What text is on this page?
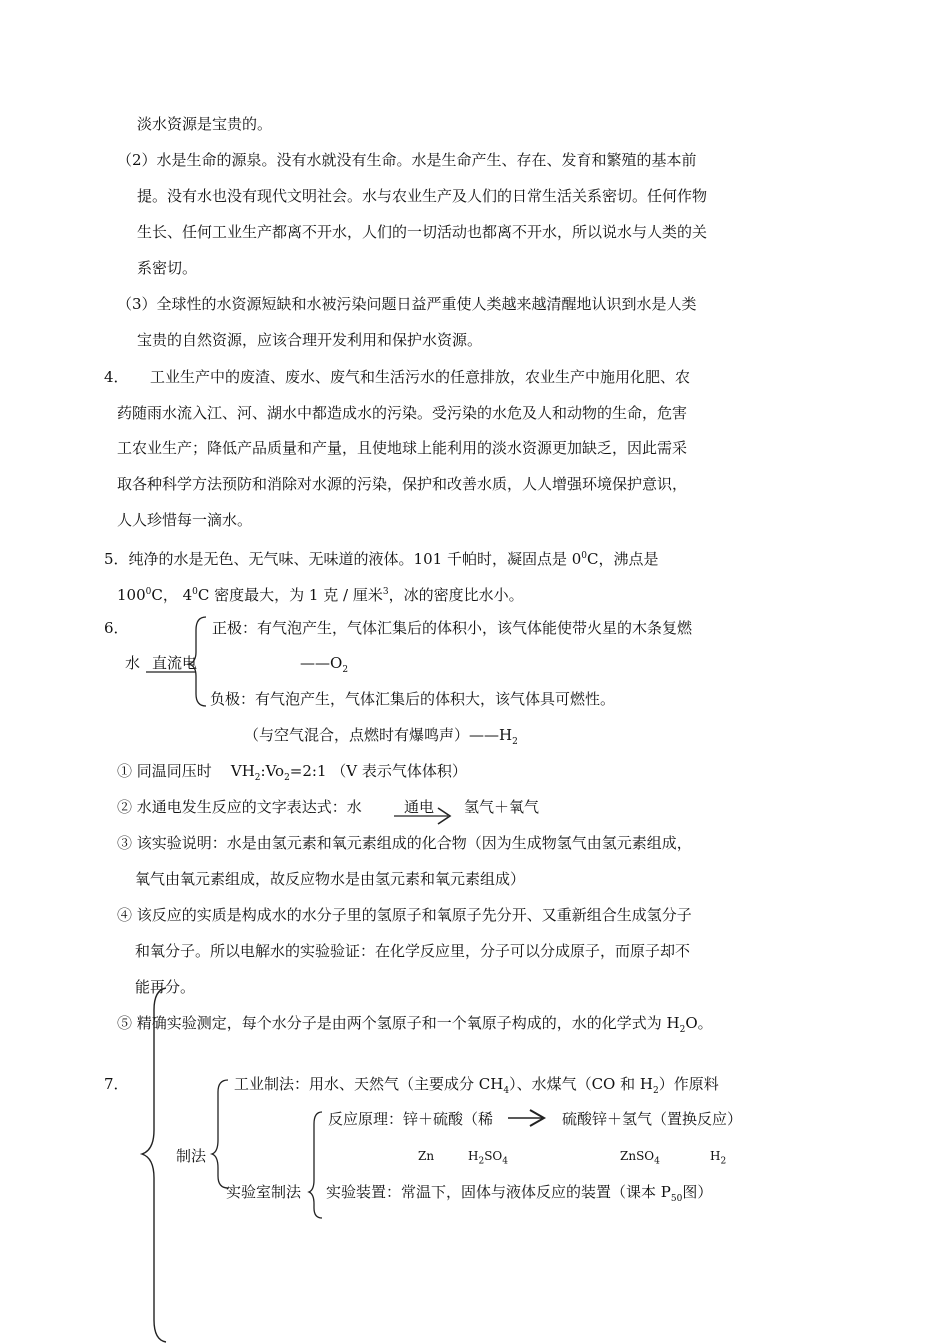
淡水资源是宝贵的。
（2）水是生命的源泉。没有水就没有生命。水是生命产生、存在、发育和繁殖的基本前
提。没有水也没有现代文明社会。水与农业生产及人们的日常生活关系密切。任何作物
生长、任何工业生产都离不开水，人们的一切活动也都离不开水，所以说水与人类的关
系密切。
（3）全球性的水资源短缺和水被污染问题日益严重使人类越来越清醒地认识到水是人类
宝贵的自然资源，应该合理开发利用和保护水资源。
4． 工业生产中的废渣、废水、废气和生活污水的任意排放，农业生产中施用化肥、农
药随雨水流入江、河、湖水中都造成水的污染。受污染的水危及人和动物的生命，危害
工农业生产；降低产品质量和产量，且使地球上能利用的淡水资源更加缺乏，因此需采
取各种科学方法预防和消除对水源的污染，保护和改善水质，人人增强环境保护意识，
人人珍惜每一滴水。
5．纯净的水是无色、无气味、无味道的液体。101 千帕时，凝固点是 $0^0C$，沸点是
$100^0C$， $4^0C$ 密度最大，为 1 克 / 厘米$^3$，冰的密度比水小。
6．
水 直流电
正极：有气泡产生，气体汇集后的体积小，该气体能使带火星的木条复燃
$——O_2$
负极：有气泡产生，气体汇集后的体积大，该气体具可燃性。
（与空气混合，点燃时有爆鸣声）$——H_2$
① 同温同压时 $VH_2:Vo_2=2:1$ （V 表示气体体积）
② 水通电发生反应的文字表达式：水	通电 氢气＋氧气
③ 该实验说明：水是由氢元素和氧元素组成的化合物（因为生成物氢气由氢元素组成，
氧气由氧元素组成，故反应物水是由氢元素和氧元素组成）
④ 该反应的实质是构成水的水分子里的氢原子和氧原子先分开、又重新组合生成氢分子
和氧分子。所以电解水的实验验证：在化学反应里，分子可以分成原子，而原子却不
能再分。
⑤ 精确实验测定，每个水分子是由两个氢原子和一个氧原子构成的，水的化学式为 $H_2O$。
7．
制法
工业制法：用水、天然气（主要成分 $CH_4$）、水煤气（CO 和 $H_2$）作原料
实验室制法
反应原理：锌＋硫酸（稀	硫酸锌＋氢气（置换反应）
Zn	$H_2SO_4$	ZnSO$_4$	$H_2$
实验装置：常温下，固体与液体反应的装置（课本 $P_{50}$图）
